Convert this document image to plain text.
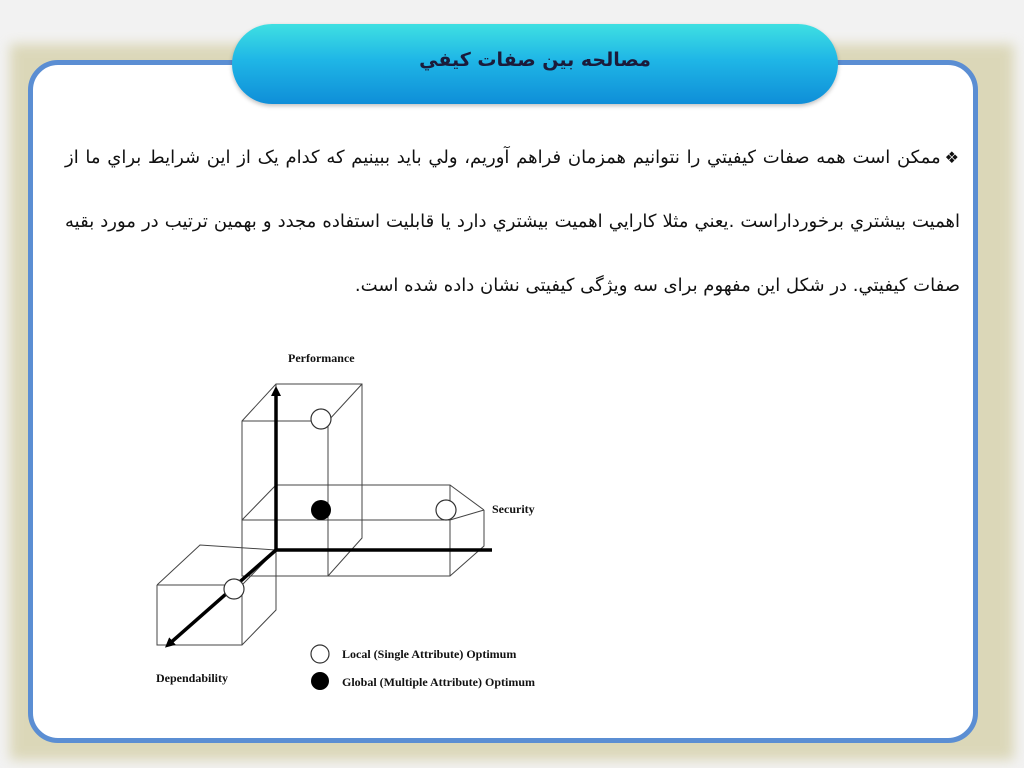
مصالحه بين صفات كيفي
❖ممكن است همه صفات كيفيتي را نتوانيم همزمان فراهم آوريم، ولي بايد ببينيم كه كدام يک از اين شرايط براي ما از اهميت بيشتري برخورداراست .يعني مثلا كارايي اهميت بيشتري دارد يا قابليت استفاده مجدد و بهمين ترتيب در مورد بقيه صفات كيفيتي. در شکل اين مفهوم برای سه ويژگی کيفيتی نشان داده شده است.
Performance
Security
Dependability
Local (Single Attribute) Optimum
Global (Multiple Attribute) Optimum
